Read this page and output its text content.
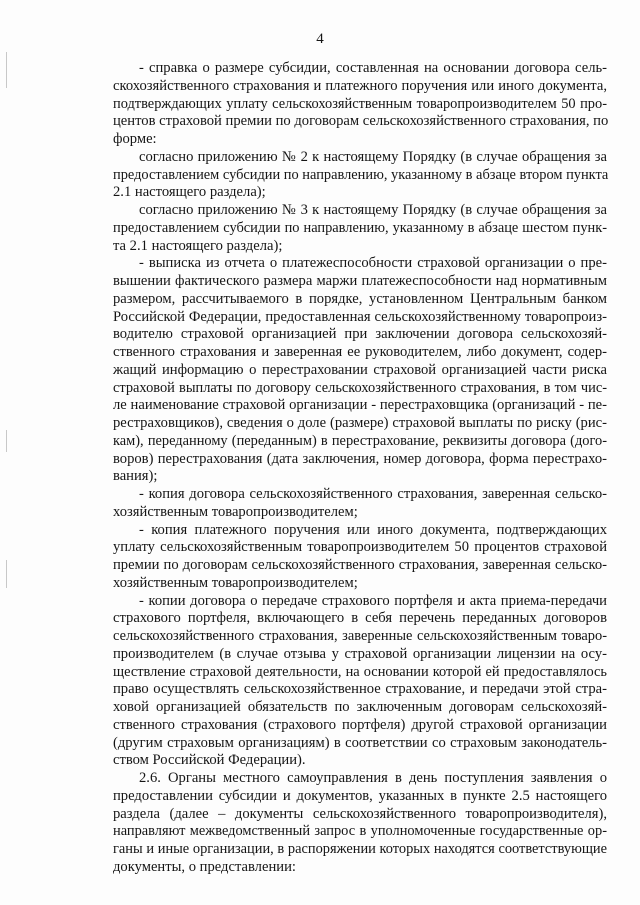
4
- справка о размере субсидии, составленная на основании договора сель-
скохозяйственного страхования и платежного поручения или иного документа,
подтверждающих уплату сельскохозяйственным товаропроизводителем 50 про-
центов страховой премии по договорам сельскохозяйственного страхования, по
форме:
согласно приложению № 2 к настоящему Порядку (в случае обращения за
предоставлением субсидии по направлению, указанному в абзаце втором пункта
2.1 настоящего раздела);
согласно приложению № 3 к настоящему Порядку (в случае обращения за
предоставлением субсидии по направлению, указанному в абзаце шестом пунк-
та 2.1 настоящего раздела);
- выписка из отчета о платежеспособности страховой организации о пре-
вышении фактического размера маржи платежеспособности над нормативным
размером, рассчитываемого в порядке, установленном Центральным банком
Российской Федерации, предоставленная сельскохозяйственному товаропроиз-
водителю страховой организацией при заключении договора сельскохозяй-
ственного страхования и заверенная ее руководителем, либо документ, содер-
жащий информацию о перестраховании страховой организацией части риска
страховой выплаты по договору сельскохозяйственного страхования, в том чис-
ле наименование страховой организации - перестраховщика (организаций - пе-
рестраховщиков), сведения о доле (размере) страховой выплаты по риску (рис-
кам), переданному (переданным) в перестрахование, реквизиты договора (дого-
воров) перестрахования (дата заключения, номер договора, форма перестрахо-
вания);
- копия договора сельскохозяйственного страхования, заверенная сельско-
хозяйственным товаропроизводителем;
- копия платежного поручения или иного документа, подтверждающих
уплату сельскохозяйственным товаропроизводителем 50 процентов страховой
премии по договорам сельскохозяйственного страхования, заверенная сельско-
хозяйственным товаропроизводителем;
- копии договора о передаче страхового портфеля и акта приема-передачи
страхового портфеля, включающего в себя перечень переданных договоров
сельскохозяйственного страхования, заверенные сельскохозяйственным товаро-
производителем (в случае отзыва у страховой организации лицензии на осу-
ществление страховой деятельности, на основании которой ей предоставлялось
право осуществлять сельскохозяйственное страхование, и передачи этой стра-
ховой организацией обязательств по заключенным договорам сельскохозяй-
ственного страхования (страхового портфеля) другой страховой организации
(другим страховым организациям) в соответствии со страховым законодатель-
ством Российской Федерации).
2.6. Органы местного самоуправления в день поступления заявления о
предоставлении субсидии и документов, указанных в пункте 2.5 настоящего
раздела (далее – документы сельскохозяйственного товаропроизводителя),
направляют межведомственный запрос в уполномоченные государственные ор-
ганы и иные организации, в распоряжении которых находятся соответствующие
документы, о представлении:
